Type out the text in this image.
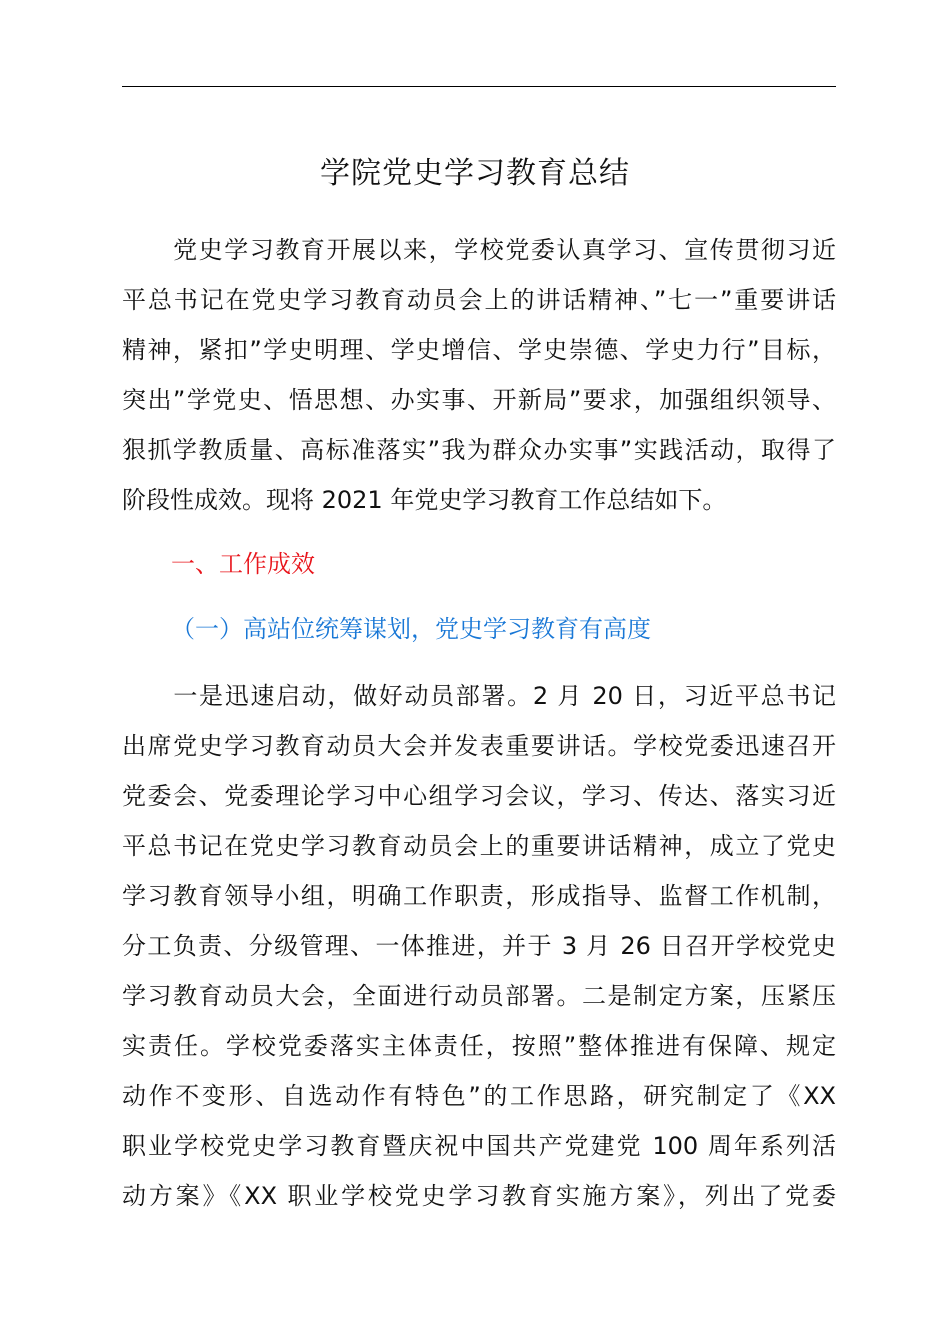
学院党史学习教育总结
　　党史学习教育开展以来，学校党委认真学习、宣传贯彻习近
平总书记在党史学习教育动员会上的讲话精神、”七一”重要讲话
精神，紧扣”学史明理、学史增信、学史崇德、学史力行”目标，
突出”学党史、悟思想、办实事、开新局”要求，加强组织领导、
狠抓学教质量、高标准落实”我为群众办实事”实践活动，取得了
阶段性成效。现将 2021 年党史学习教育工作总结如下。
一、工作成效
（一）高站位统筹谋划，党史学习教育有高度
　　一是迅速启动，做好动员部署。2 月 20 日，习近平总书记
出席党史学习教育动员大会并发表重要讲话。学校党委迅速召开
党委会、党委理论学习中心组学习会议，学习、传达、落实习近
平总书记在党史学习教育动员会上的重要讲话精神，成立了党史
学习教育领导小组，明确工作职责，形成指导、监督工作机制，
分工负责、分级管理、一体推进，并于 3 月 26 日召开学校党史
学习教育动员大会，全面进行动员部署。二是制定方案，压紧压
实责任。学校党委落实主体责任，按照”整体推进有保障、规定
动作不变形、自选动作有特色”的工作思路，研究制定了《XX
职业学校党史学习教育暨庆祝中国共产党建党 100 周年系列活
动方案》《XX 职业学校党史学习教育实施方案》，列出了党委
